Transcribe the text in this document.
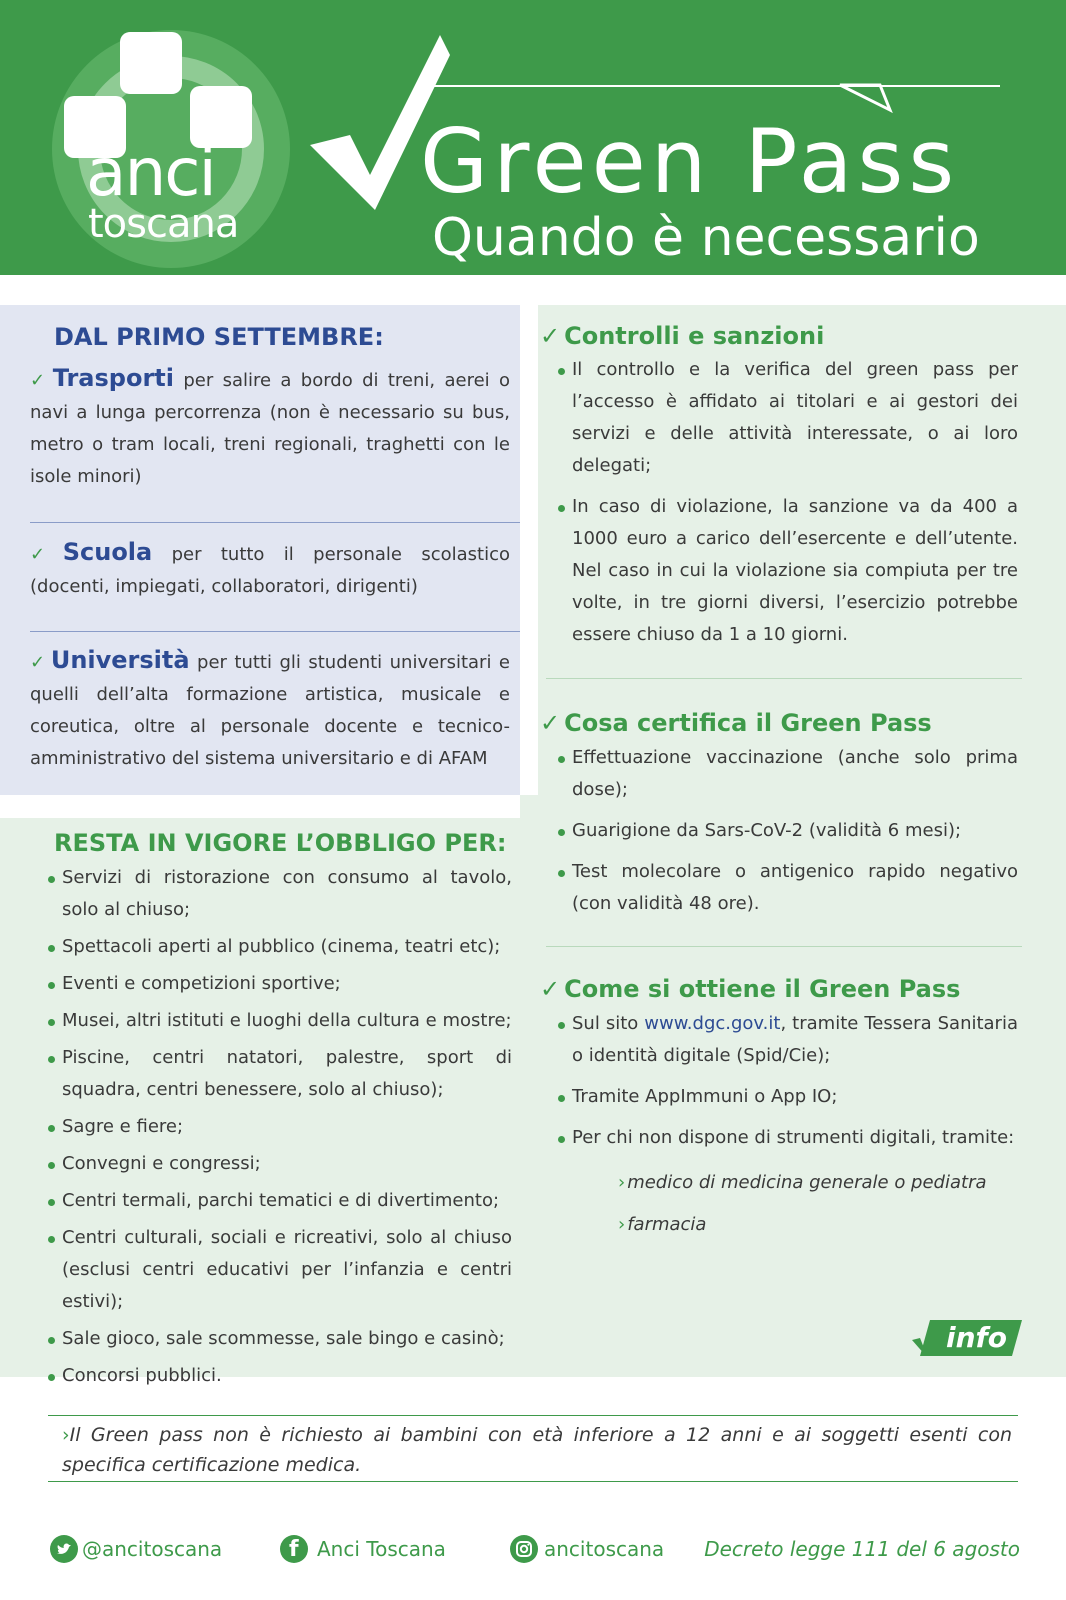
anci
toscana
Green Pass
Quando è necessario
DAL PRIMO SETTEMBRE:
✓ Trasporti per salire a bordo di treni, aerei o navi a lunga percorrenza (non è necessario su bus, metro o tram locali, treni regionali, traghetti con le isole minori)
✓ Scuola per tutto il personale scolastico (docenti, impiegati, collaboratori, dirigenti)
✓ Università per tutti gli studenti universitari e quelli dell’alta formazione artistica, musicale e coreutica, oltre al personale docente e tecnico-amministrativo del sistema universitario e di AFAM
RESTA IN VIGORE L’OBBLIGO PER:
Servizi di ristorazione con consumo al tavolo, solo al chiuso;
Spettacoli aperti al pubblico (cinema, teatri etc);
Eventi e competizioni sportive;
Musei, altri istituti e luoghi della cultura e mostre;
Piscine, centri natatori, palestre, sport di squadra, centri benessere, solo al chiuso);
Sagre e fiere;
Convegni e congressi;
Centri termali, parchi tematici e di divertimento;
Centri culturali, sociali e ricreativi, solo al chiuso (esclusi centri educativi per l’infanzia e centri estivi);
Sale gioco, sale scommesse, sale bingo e casinò;
Concorsi pubblici.
✓ Controlli e sanzioni
Il controllo e la verifica del green pass per l’accesso è affidato ai titolari e ai gestori dei servizi e delle attività interessate, o ai loro delegati;
In caso di violazione, la sanzione va da 400 a 1000 euro a carico dell’esercente e dell’utente. Nel caso in cui la violazione sia compiuta per tre volte, in tre giorni diversi, l’esercizio potrebbe essere chiuso da 1 a 10 giorni.
✓ Cosa certifica il Green Pass
Effettuazione vaccinazione (anche solo prima dose);
Guarigione da Sars-CoV-2 (validità 6 mesi);
Test molecolare o antigenico rapido negativo (con validità 48 ore).
✓ Come si ottiene il Green Pass
Sul sito www.dgc.gov.it, tramite Tessera Sanitaria o identità digitale (Spid/Cie);
Tramite AppImmuni o App IO;
Per chi non dispone di strumenti digitali, tramite:
› medico di medicina generale o pediatra
› farmacia
info
›Il Green pass non è richiesto ai bambini con età inferiore a 12 anni e ai soggetti esenti con specifica certificazione medica.
@ancitoscana	f Anci Toscana	ancitoscana Decreto legge 111 del 6 agosto
